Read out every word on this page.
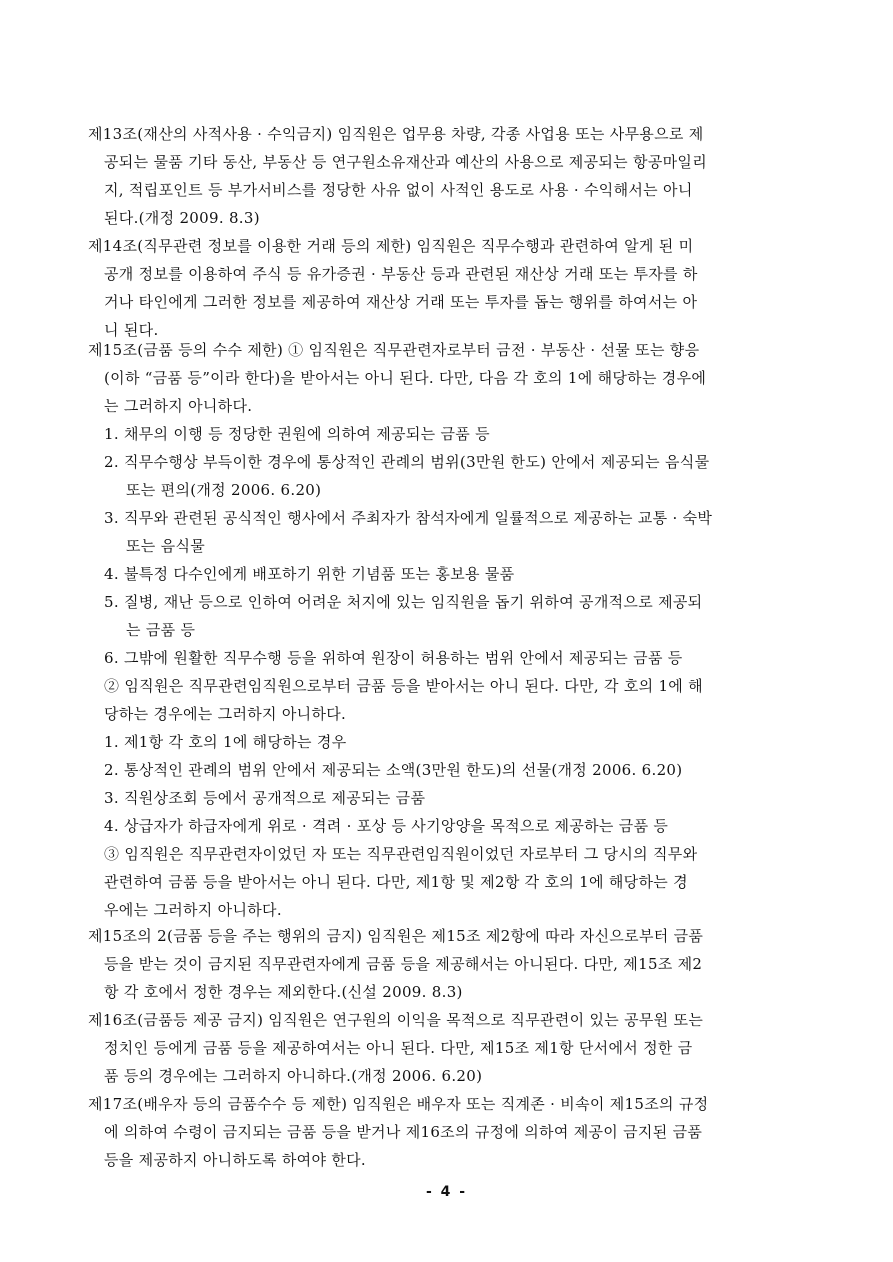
제13조(재산의 사적사용 · 수익금지) 임직원은 업무용 차량, 각종 사업용 또는 사무용으로 제

공되는 물품 기타 동산, 부동산 등 연구원소유재산과 예산의 사용으로 제공되는 항공마일리

지, 적립포인트 등 부가서비스를 정당한 사유 없이 사적인 용도로 사용 · 수익해서는 아니

된다.(개정 2009. 8.3)

제14조(직무관련 정보를 이용한 거래 등의 제한) 임직원은 직무수행과 관련하여 알게 된 미

공개 정보를 이용하여 주식 등 유가증권 · 부동산 등과 관련된 재산상 거래 또는 투자를 하

거나 타인에게 그러한 정보를 제공하여 재산상 거래 또는 투자를 돕는 행위를 하여서는 아

니 된다.

제15조(금품 등의 수수 제한) ① 임직원은 직무관련자로부터 금전 · 부동산 · 선물 또는 향응

(이하 “금품 등”이라 한다)을 받아서는 아니 된다. 다만, 다음 각 호의 1에 해당하는 경우에

는 그러하지 아니하다.

1. 채무의 이행 등 정당한 권원에 의하여 제공되는 금품 등

2. 직무수행상 부득이한 경우에 통상적인 관례의 범위(3만원 한도) 안에서 제공되는 음식물

또는 편의(개정 2006. 6.20)

3. 직무와 관련된 공식적인 행사에서 주최자가 참석자에게 일률적으로 제공하는 교통 · 숙박

또는 음식물

4. 불특정 다수인에게 배포하기 위한 기념품 또는 홍보용 물품

5. 질병, 재난 등으로 인하여 어려운 처지에 있는 임직원을 돕기 위하여 공개적으로 제공되

는 금품 등

6. 그밖에 원활한 직무수행 등을 위하여 원장이 허용하는 범위 안에서 제공되는 금품 등

② 임직원은 직무관련임직원으로부터 금품 등을 받아서는 아니 된다. 다만, 각 호의 1에 해

당하는 경우에는 그러하지 아니하다.

1. 제1항 각 호의 1에 해당하는 경우

2. 통상적인 관례의 범위 안에서 제공되는 소액(3만원 한도)의 선물(개정 2006. 6.20)

3. 직원상조회 등에서 공개적으로 제공되는 금품

4. 상급자가 하급자에게 위로 · 격려 · 포상 등 사기앙양을 목적으로 제공하는 금품 등

③ 임직원은 직무관련자이었던 자 또는 직무관련임직원이었던 자로부터 그 당시의 직무와

관련하여 금품 등을 받아서는 아니 된다. 다만, 제1항 및 제2항 각 호의 1에 해당하는 경

우에는 그러하지 아니하다.

제15조의 2(금품 등을 주는 행위의 금지) 임직원은 제15조 제2항에 따라 자신으로부터 금품

등을 받는 것이 금지된 직무관련자에게 금품 등을 제공해서는 아니된다. 다만, 제15조 제2

항 각 호에서 정한 경우는 제외한다.(신설 2009. 8.3)

제16조(금품등 제공 금지) 임직원은 연구원의 이익을 목적으로 직무관련이 있는 공무원 또는

정치인 등에게 금품 등을 제공하여서는 아니 된다. 다만, 제15조 제1항 단서에서 정한 금

품 등의 경우에는 그러하지 아니하다.(개정 2006. 6.20)

제17조(배우자 등의 금품수수 등 제한) 임직원은 배우자 또는 직계존 · 비속이 제15조의 규정

에 의하여 수령이 금지되는 금품 등을 받거나 제16조의 규정에 의하여 제공이 금지된 금품

등을 제공하지 아니하도록 하여야 한다.

- 4 -
